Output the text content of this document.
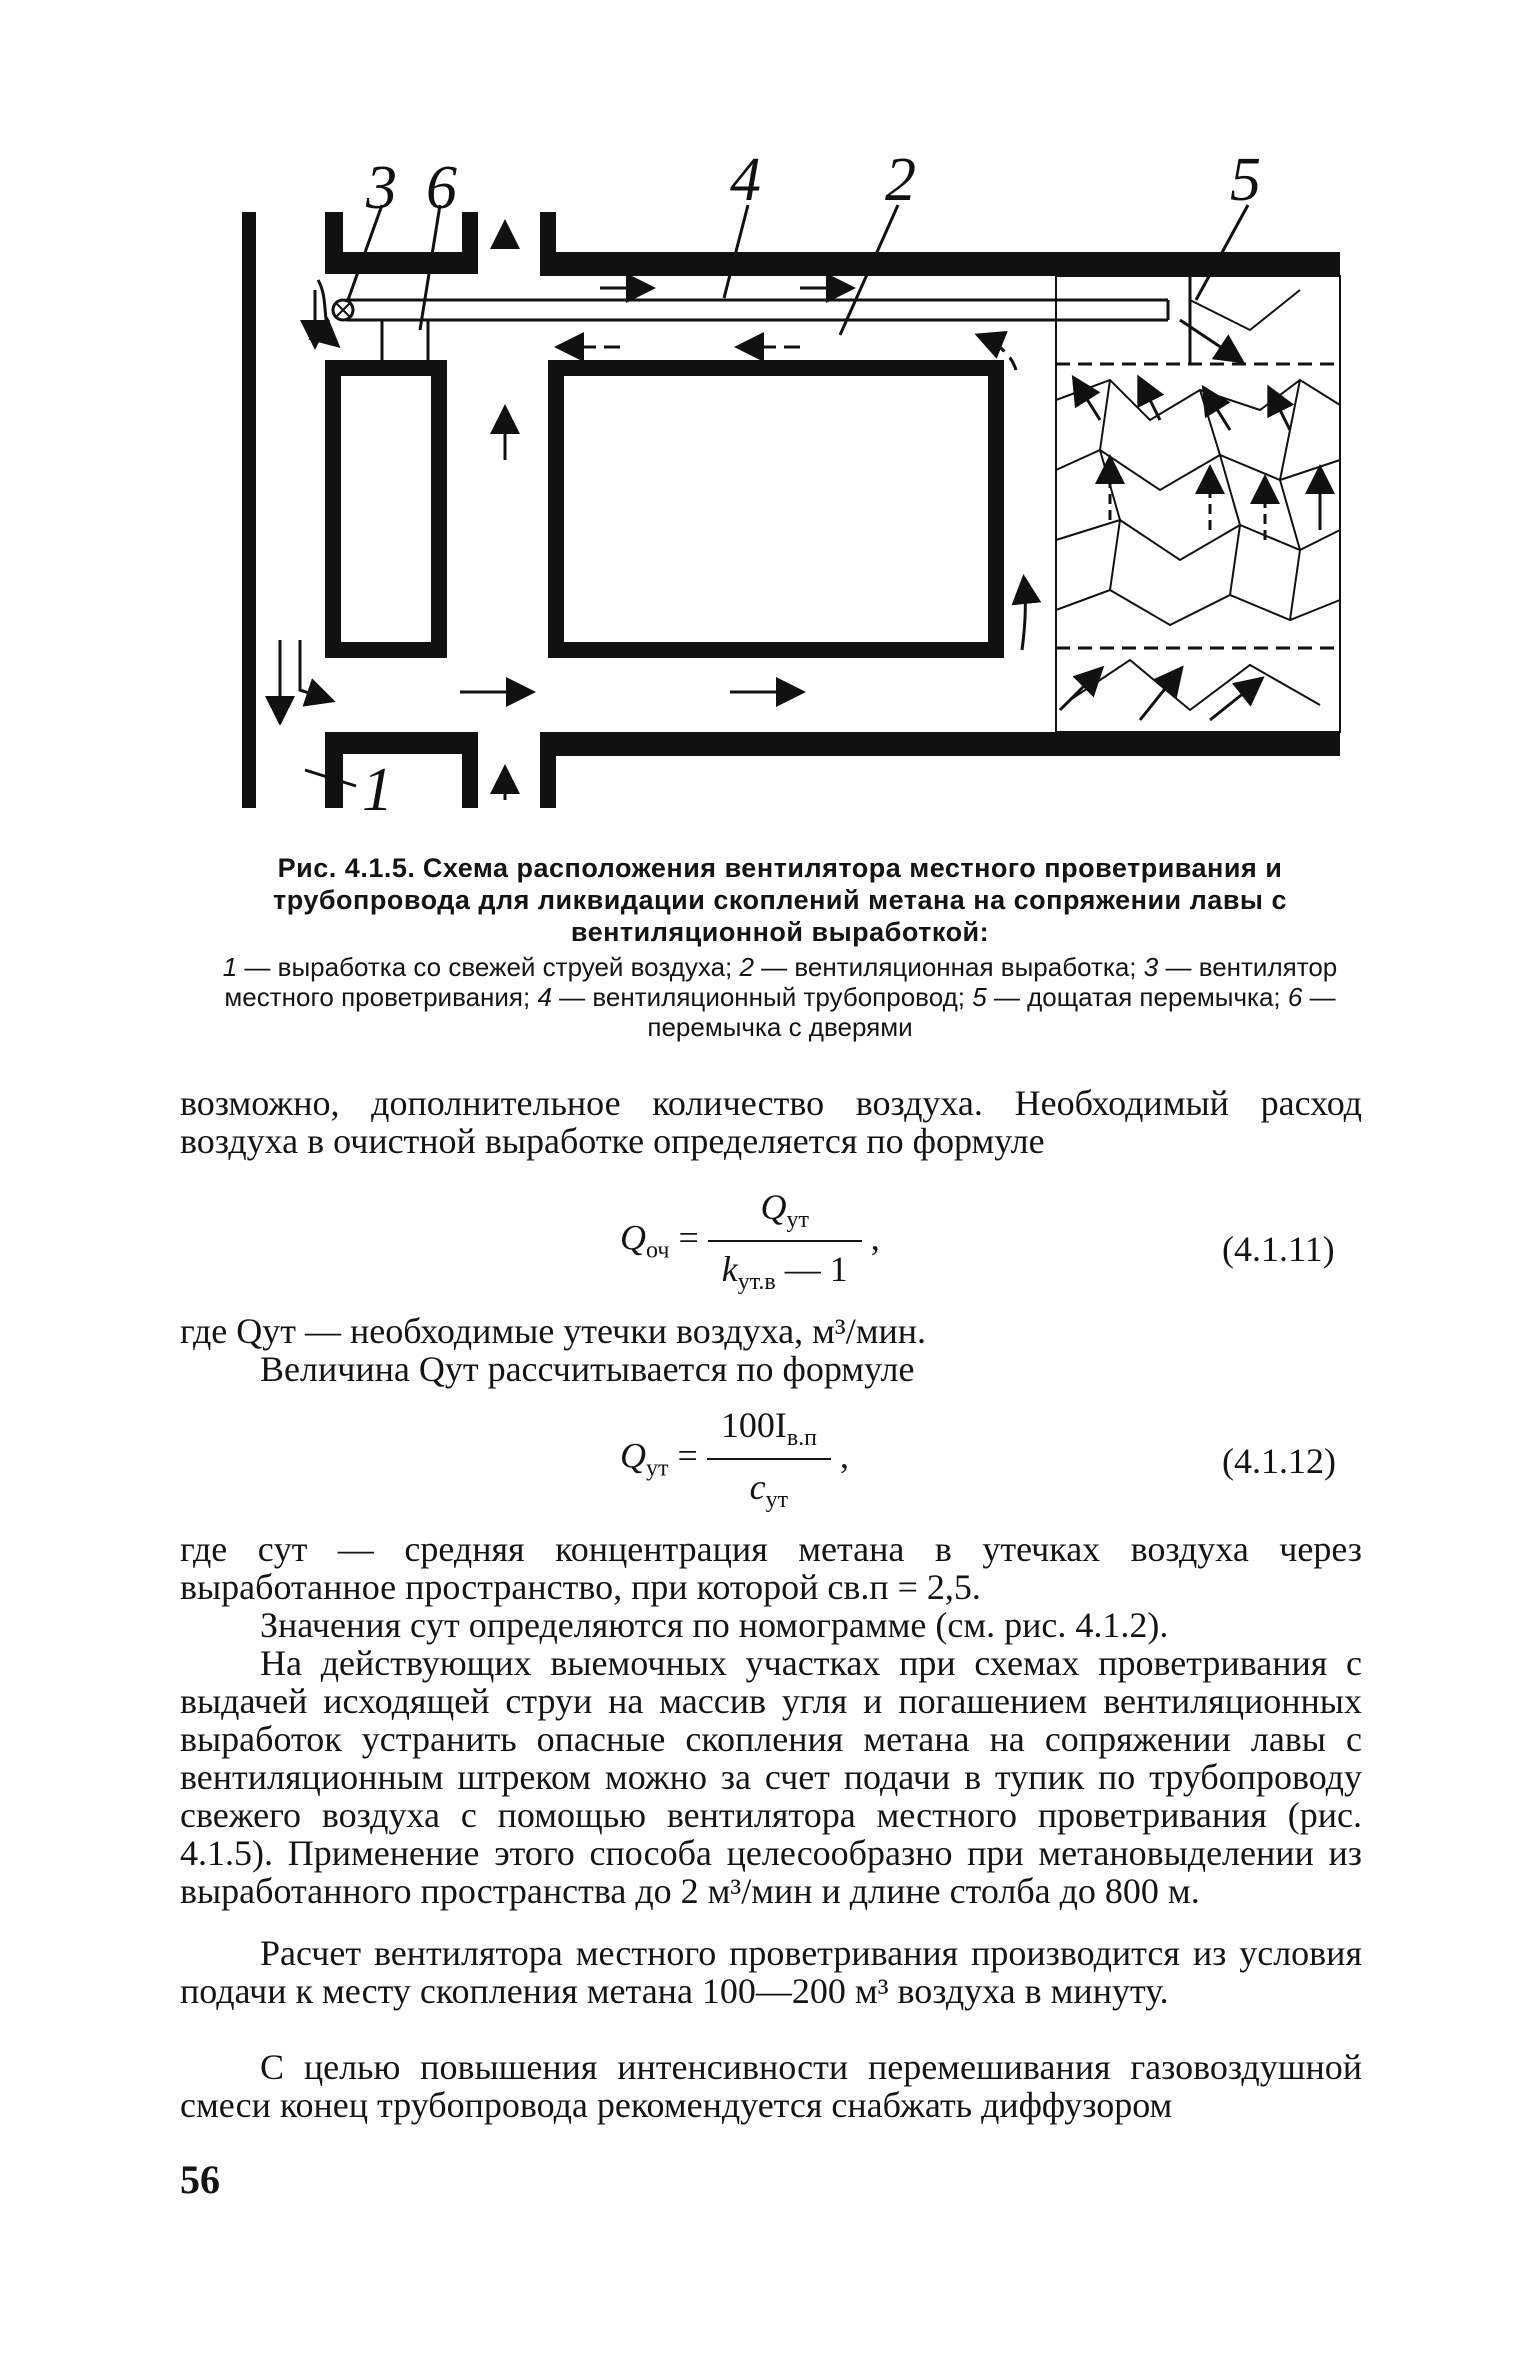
3 6	4 2	5
1

Рис. 4.1.5. Схема расположения вентилятора местного проветривания и трубопровода для ликвидации скоплений метана на сопряжении лавы с вентиляционной выработкой:

1 — выработка со свежей струей воздуха; 2 — вентиляционная выработка; 3 — вентилятор местного проветривания; 4 — вентиляционный трубопровод; 5 — дощатая перемычка; 6 — перемычка с дверями

возможно, дополнительное количество воздуха. Необходимый расход воздуха в очистной выработке определяется по формуле

$Q_{оч} = \frac{Q_{ут}}{k_{ут.в} — 1}$ ,	(4.1.11)

где Qут — необходимые утечки воздуха, м³/мин.

Величина Qут рассчитывается по формуле

$Q_{ут} = \frac{100I_{в.п}}{c_{ут}}$ ,	(4.1.12)

где cут — средняя концентрация метана в утечках воздуха через выработанное пространство, при которой cв.п = 2,5.

Значения cут определяются по номограмме (см. рис. 4.1.2).

На действующих выемочных участках при схемах проветривания с выдачей исходящей струи на массив угля и погашением вентиляционных выработок устранить опасные скопления метана на сопряжении лавы с вентиляционным штреком можно за счет подачи в тупик по трубопроводу свежего воздуха с помощью вентилятора местного проветривания (рис. 4.1.5). Применение этого способа целесообразно при метановыделении из выработанного пространства до 2 м³/мин и длине столба до 800 м.

Расчет вентилятора местного проветривания производится из условия подачи к месту скопления метана 100—200 м³ воздуха в минуту.

С целью повышения интенсивности перемешивания газовоздушной смеси конец трубопровода рекомендуется снабжать диффузором

56
